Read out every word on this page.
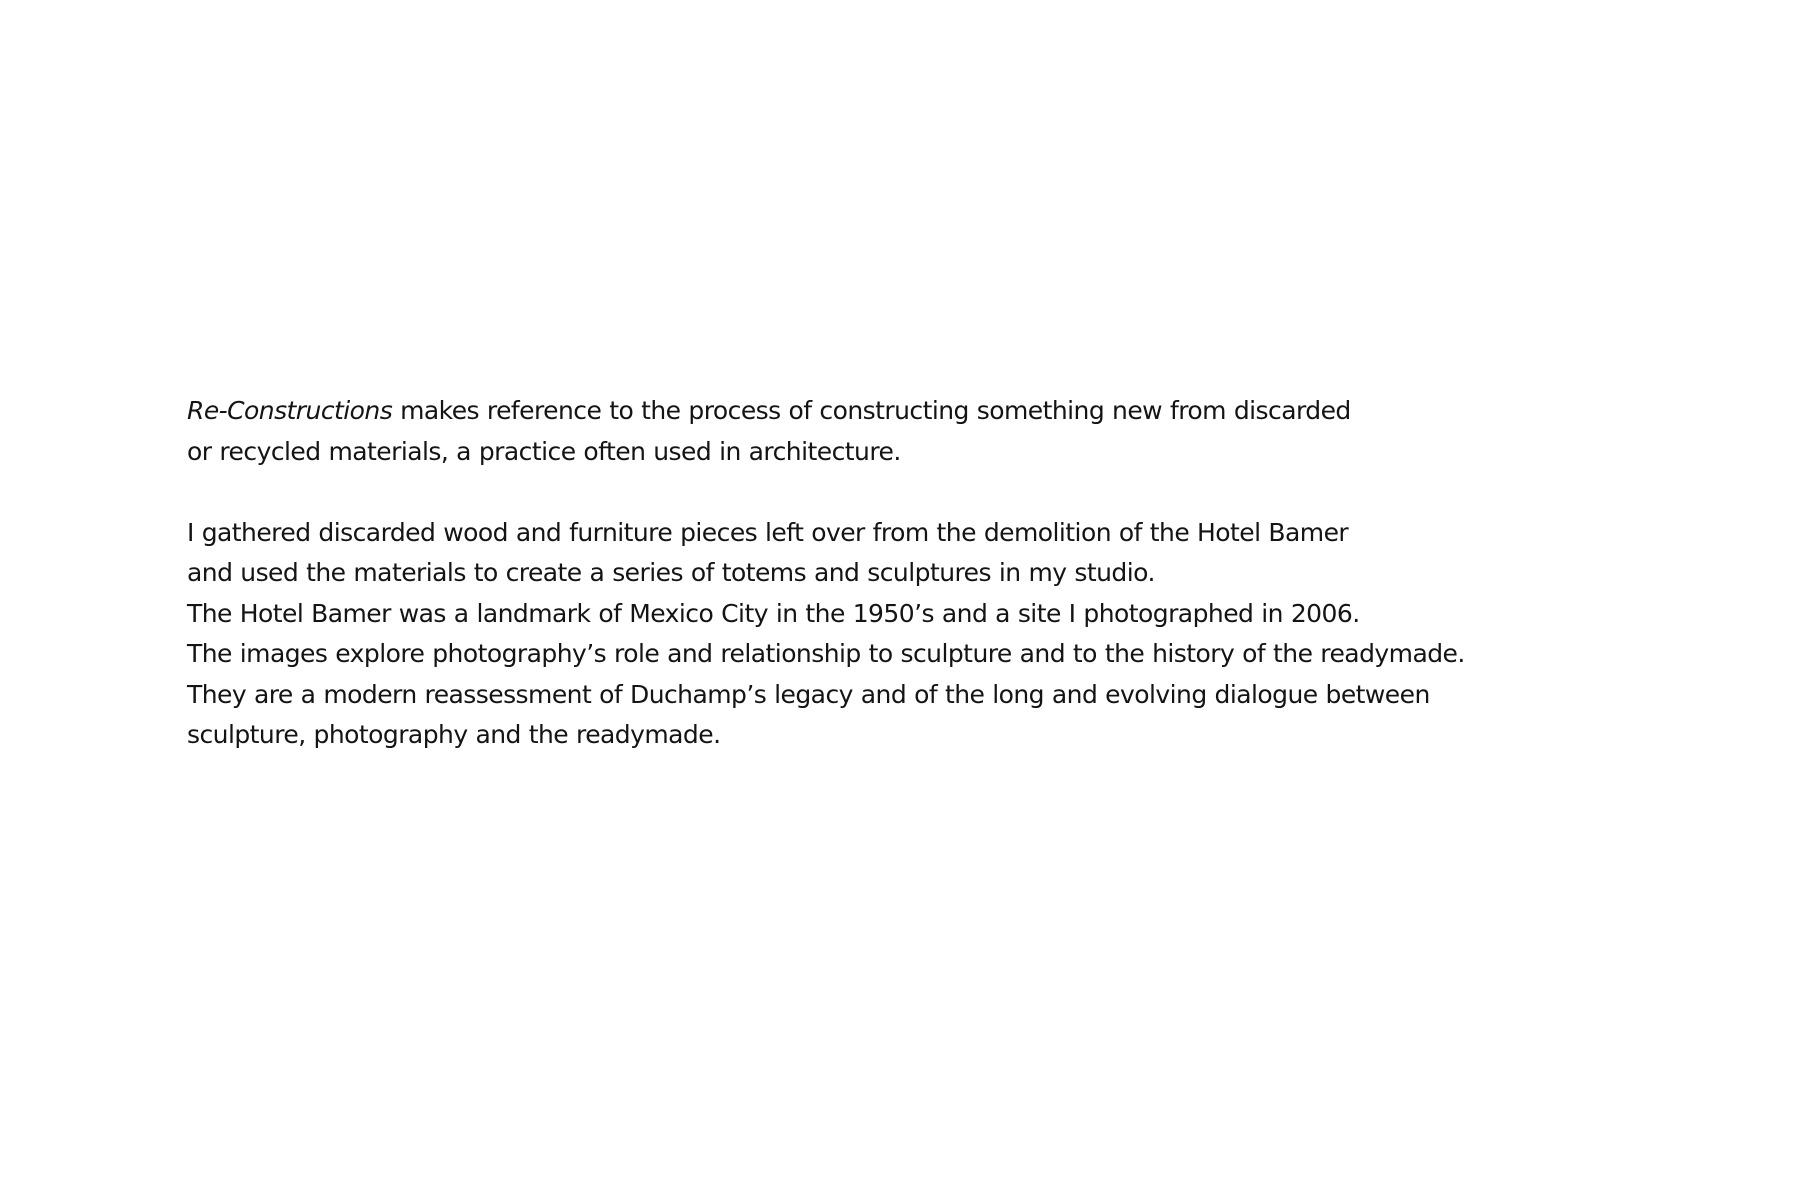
Re-Constructions makes reference to the process of constructing something new from discarded
or recycled materials, a practice often used in architecture.
I gathered discarded wood and furniture pieces left over from the demolition of the Hotel Bamer
and used the materials to create a series of totems and sculptures in my studio.
The Hotel Bamer was a landmark of Mexico City in the 1950’s and a site I photographed in 2006.
The images explore photography’s role and relationship to sculpture and to the history of the readymade.
They are a modern reassessment of Duchamp’s legacy and of the long and evolving dialogue between
sculpture, photography and the readymade.
